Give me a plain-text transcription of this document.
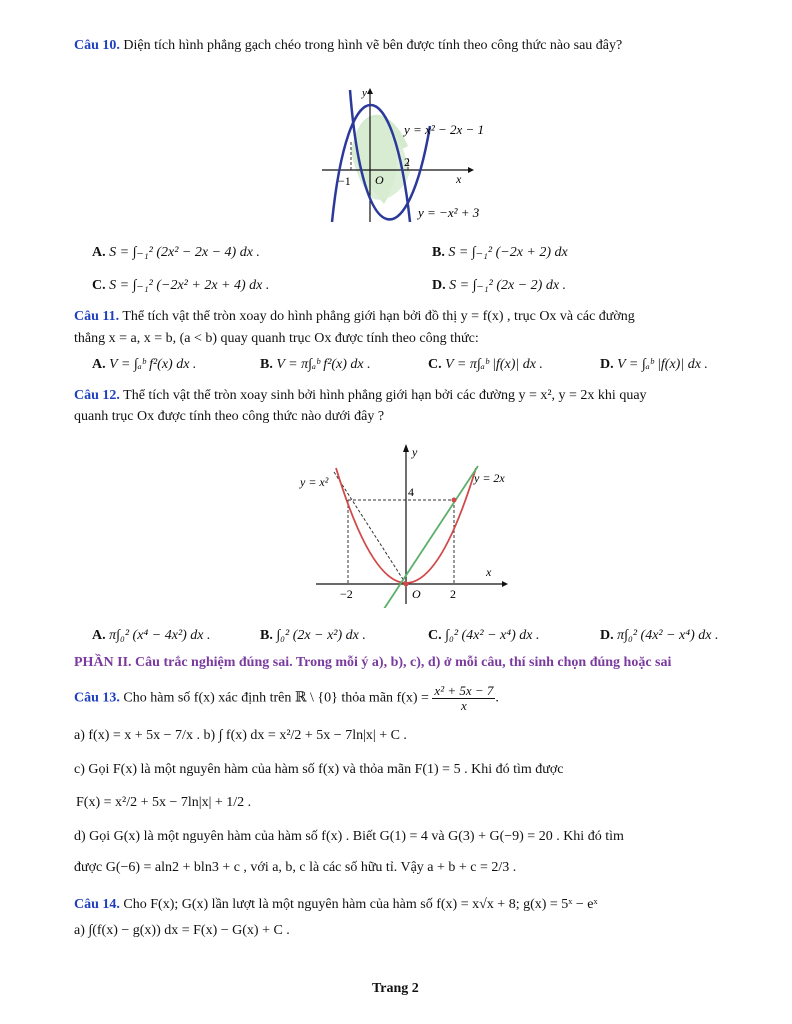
Câu 10. Diện tích hình phẳng gạch chéo trong hình vẽ bên được tính theo công thức nào sau đây?
y
x
O
−1
2
y = x² − 2x − 1
y = −x² + 3
A. S = ∫₋₁² (2x² − 2x − 4) dx .	B. S = ∫₋₁² (−2x + 2) dx
C. S = ∫₋₁² (−2x² + 2x + 4) dx .	D. S = ∫₋₁² (2x − 2) dx .
Câu 11. Thể tích vật thể tròn xoay do hình phẳng giới hạn bởi đồ thị y = f(x) , trục Ox và các đường
thẳng x = a, x = b, (a < b) quay quanh trục Ox được tính theo công thức:
A. V = ∫ₐᵇ f²(x) dx .	B. V = π∫ₐᵇ f²(x) dx .	C. V = π∫ₐᵇ |f(x)| dx .	D. V = ∫ₐᵇ |f(x)| dx .
Câu 12. Thể tích vật thể tròn xoay sinh bởi hình phẳng giới hạn bởi các đường y = x², y = 2x khi quay
quanh trục Ox được tính theo công thức nào dưới đây ?
y
x
O
−2	2
4
y = x²	y = 2x
A. π∫₀² (x⁴ − 4x²) dx .	B. ∫₀² (2x − x²) dx .	C. ∫₀² (4x² − x⁴) dx .	D. π∫₀² (4x² − x⁴) dx .
PHẦN II. Câu trắc nghiệm đúng sai. Trong mỗi ý a), b), c), d) ở mỗi câu, thí sinh chọn đúng hoặc sai
Câu 13. Cho hàm số f(x) xác định trên ℝ \ {0} thỏa mãn $f(x) = \frac{\text{x² + 5x − 7}}{x}$ .
a) f(x) = x + 5x − 7/x . b) ∫ f(x) dx = x²/2 + 5x − 7ln|x| + C .
c) Gọi F(x) là một nguyên hàm của hàm số f(x) và thỏa mãn F(1) = 5 . Khi đó tìm được
F(x) = x²/2 + 5x − 7ln|x| + 1/2 .
d) Gọi G(x) là một nguyên hàm của hàm số f(x) . Biết G(1) = 4 và G(3) + G(−9) = 20 . Khi đó tìm
được G(−6) = aln2 + bln3 + c , với a, b, c là các số hữu tỉ. Vậy a + b + c = 2/3 .
Câu 14. Cho F(x); G(x) lần lượt là một nguyên hàm của hàm số f(x) = x√x + 8; g(x) = 5ˣ − eˣ
a) ∫(f(x) − g(x)) dx = F(x) − G(x) + C .
Trang 2
